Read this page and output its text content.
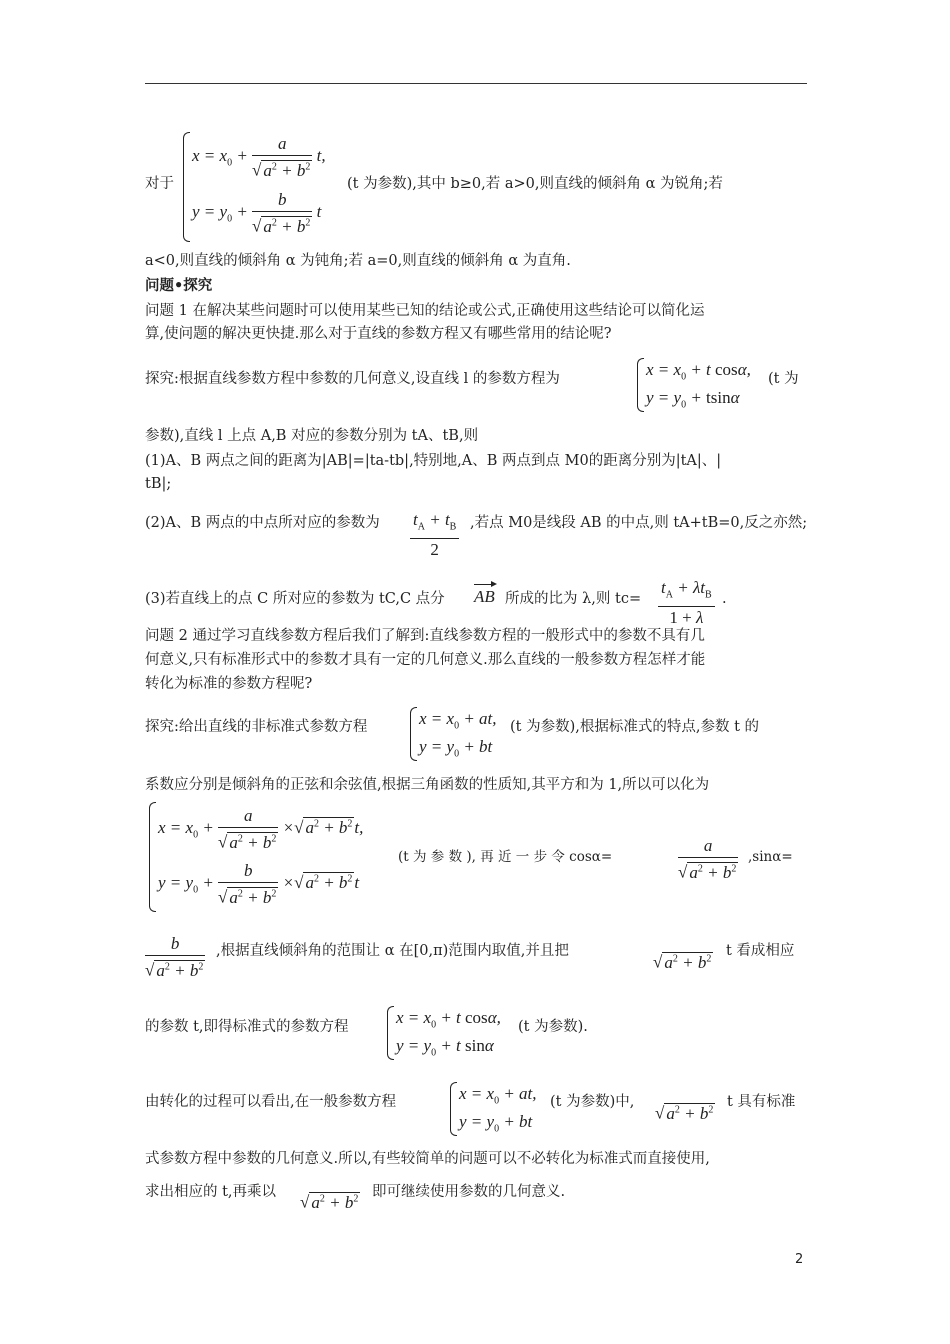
对于
$x = x_0 + \frac{a}{√ a^2 + b^2} t$,
$y = y_0 + \frac{b}{√ a^2 + b^2}$ t
(t 为参数),其中 b≥0,若 a>0,则直线的倾斜角 α 为锐角;若
a<0,则直线的倾斜角 α 为钝角;若 a=0,则直线的倾斜角 α 为直角.
问题•探究
问题 1 在解决某些问题时可以使用某些已知的结论或公式,正确使用这些结论可以简化运
算,使问题的解决更快捷.那么对于直线的参数方程又有哪些常用的结论呢?
探究:根据直线参数方程中参数的几何意义,设直线 l 的参数方程为	$x = x_0 + t$ cosα,
$y = y_0 + tsin\alpha$
(t 为
参数),直线 l 上点 A,B 对应的参数分别为 tA、tB,则
(1)A、B 两点之间的距离为|AB|=|ta-tb|,特别地,A、B 两点到点 M0的距离分别为|tA|、|
tB|;
(2)A、B 两点的中点所对应的参数为 $\frac{t_A + t_B}{2}$ ,若点 M0是线段 AB 的中点,则 tA+tB=0,反之亦然;
(3)若直线上的点 C 所对应的参数为 tC,C 点分 AB 所成的比为 λ,则 $tc= \frac{t_A + \lambda t_B}{1 + \lambda}$ .
问题 2 通过学习直线参数方程后我们了解到:直线参数方程的一般形式中的参数不具有几
何意义,只有标准形式中的参数才具有一定的几何意义.那么直线的一般参数方程怎样才能
转化为标准的参数方程呢?
探究:给出直线的非标准式参数方程	$x = x_0$ + at,
$y = y_0$ + bt
(t 为参数),根据标准式的特点,参数 t 的
系数应分别是倾斜角的正弦和余弦值,根据三角函数的性质知,其平方和为 1,所以可以化为
$x = x_0 + \frac{a}{√ a^2 + b^2}$ ×√ $a^2 + b^2$ t,
$y = y_0 + \frac{b}{√ a^2 + b^2}$ ×√ $a^2 + b^2$ t
(t 为 参 数 ), 再 近 一 步 令 cosα=	$\frac{a}{√ a^2 + b^2} ,\sin\alpha=$
$\frac{b}{√ a^2 + b^2}$ ,根据直线倾斜角的范围让 α 在[0,π)范围内取值,并且把
√ $a^2 + b^2$ t 看成相应
的参数 t,即得标准式的参数方程	$x = x_0 + t$ cosα,
$y = y_0 + t$ sinα
(t 为参数).
由转化的过程可以看出,在一般参数方程	$x = x_0$ + at,
$y = y_0$ + bt
(t 为参数)中,
√ $a^2 + b^2$ t 具有标准
式参数方程中参数的几何意义.所以,有些较简单的问题可以不必转化为标准式而直接使用,
求出相应的 t,再乘以
√ $a^2 + b^2$ 即可继续使用参数的几何意义.
2
